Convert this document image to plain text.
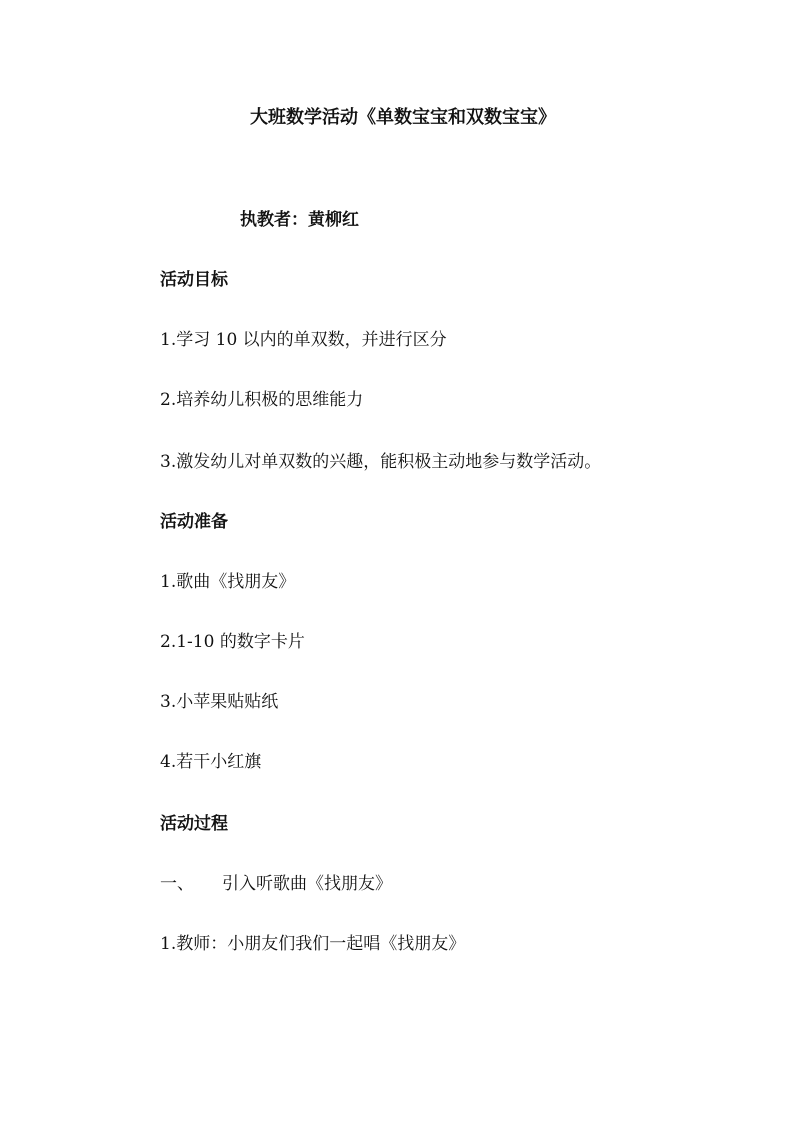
大班数学活动《单数宝宝和双数宝宝》
执教者：黄柳红
活动目标
1.学习 10 以内的单双数，并进行区分
2.培养幼儿积极的思维能力
3.激发幼儿对单双数的兴趣，能积极主动地参与数学活动。
活动准备
1.歌曲《找朋友》
2.1-10 的数字卡片
3.小苹果贴贴纸
4.若干小红旗
活动过程
一、 引入听歌曲《找朋友》
1.教师：小朋友们我们一起唱《找朋友》
